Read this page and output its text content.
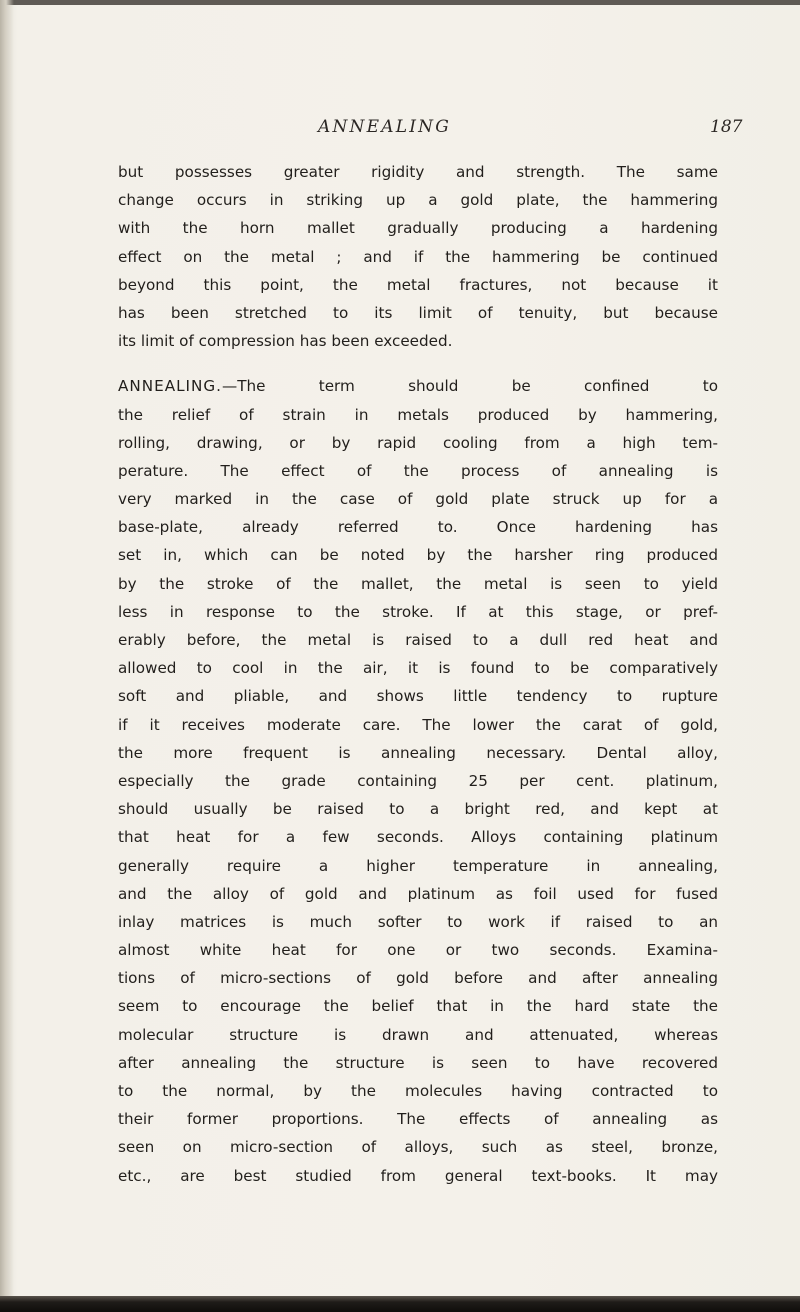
ANNEALING	187
but possesses greater rigidity and strength. The same
change occurs in striking up a gold plate, the hammering
with the horn mallet gradually producing a hardening
effect on the metal ; and if the hammering be continued
beyond this point, the metal fractures, not because it
has been stretched to its limit of tenuity, but because
its limit of compression has been exceeded.
ANNEALING.—The term should be confined to
the relief of strain in metals produced by hammering,
rolling, drawing, or by rapid cooling from a high tem-
perature. The effect of the process of annealing is
very marked in the case of gold plate struck up for a
base-plate, already referred to. Once hardening has
set in, which can be noted by the harsher ring produced
by the stroke of the mallet, the metal is seen to yield
less in response to the stroke. If at this stage, or pref-
erably before, the metal is raised to a dull red heat and
allowed to cool in the air, it is found to be comparatively
soft and pliable, and shows little tendency to rupture
if it receives moderate care. The lower the carat of gold,
the more frequent is annealing necessary. Dental alloy,
especially the grade containing 25 per cent. platinum,
should usually be raised to a bright red, and kept at
that heat for a few seconds. Alloys containing platinum
generally require a higher temperature in annealing,
and the alloy of gold and platinum as foil used for fused
inlay matrices is much softer to work if raised to an
almost white heat for one or two seconds. Examina-
tions of micro-sections of gold before and after annealing
seem to encourage the belief that in the hard state the
molecular structure is drawn and attenuated, whereas
after annealing the structure is seen to have recovered
to the normal, by the molecules having contracted to
their former proportions. The effects of annealing as
seen on micro-section of alloys, such as steel, bronze,
etc., are best studied from general text-books. It may
